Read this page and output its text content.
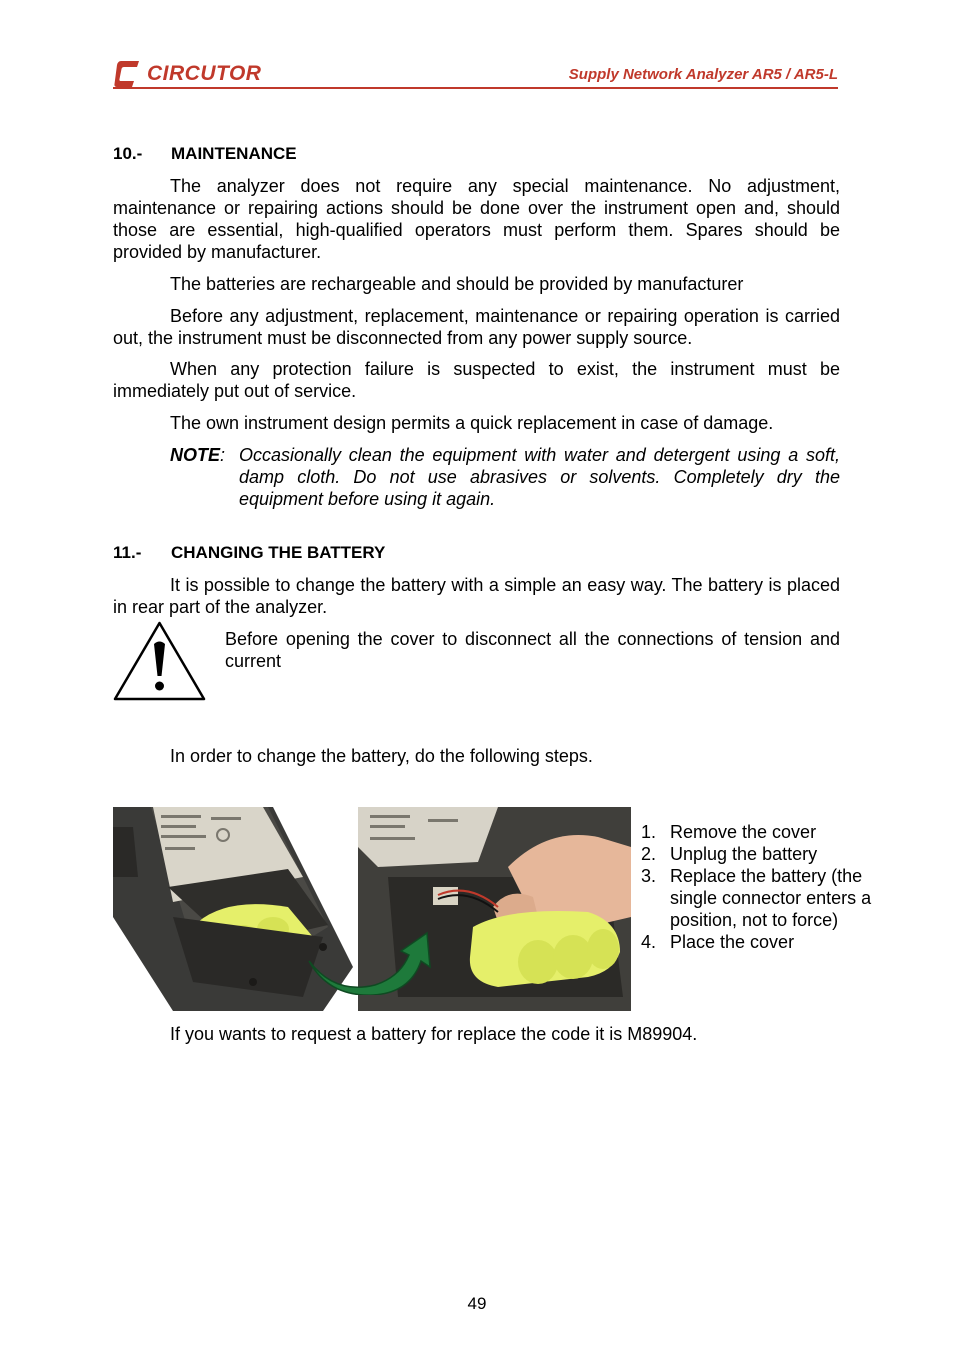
CIRCUTOR	Supply Network Analyzer AR5 / AR5-L
10.- MAINTENANCE

The analyzer does not require any special maintenance. No adjustment, maintenance or repairing actions should be done over the instrument open and, should those are essential, high-qualified operators must perform them. Spares should be provided by manufacturer.

The batteries are rechargeable and should be provided by manufacturer

Before any adjustment, replacement, maintenance or repairing operation is carried out, the instrument must be disconnected from any power supply source.

When any protection failure is suspected to exist, the instrument must be immediately put out of service.

The own instrument design permits a quick replacement in case of damage.

NOTE: Occasionally clean the equipment with water and detergent using a soft, damp cloth. Do not use abrasives or solvents. Completely dry the equipment before using it again.
11.- CHANGING THE BATTERY

It is possible to change the battery with a simple an easy way. The battery is placed in rear part of the analyzer.

Before opening the cover to disconnect all the connections of tension and current

In order to change the battery, do the following steps.

1. Remove the cover
2. Unplug the battery
3. Replace the battery (the single connector enters a position, not to force)
4. Place the cover

If you wants to request a battery for replace the code it is M89904.

49
